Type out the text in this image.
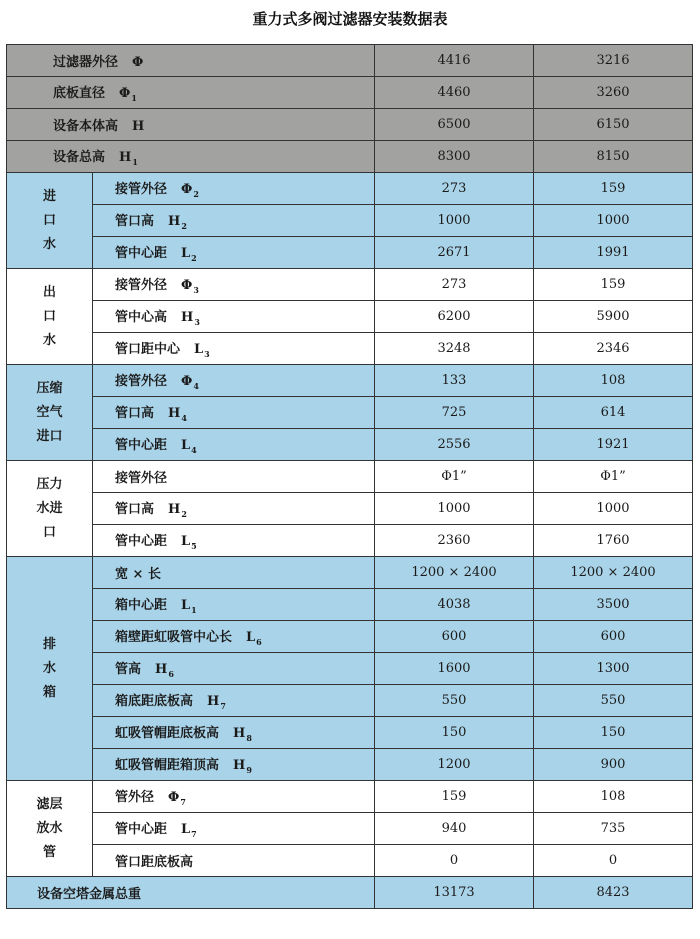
重力式多阀过滤器安装数据表
过滤器外径 Φ		4416	3216
底板直径 $\Phi_1$		4460	3260
设备本体高 H		6500	6150
设备总高 $H_1$		8300	8150

进
口
水	接管外径 $\Phi_2$	273	159
	管口高 $H_2$	1000	1000
	管中心距 $L_2$	2671	1991

出
口
水	接管外径 $\Phi_3$	273	159
	管中心高 $H_3$	6200	5900
	管口距中心 $L_3$	3248	2346

压缩
空气
进口	接管外径 $\Phi_4$	133	108
	管口高 $H_4$	725	614
	管中心距 $L_4$	2556	1921

压力
水进
口	接管外径	Φ1”	Φ1”
	管口高 $H_2$	1000	1000
	管中心距 $L_5$	2360	1760

排
水
箱	宽 × 长	1200 × 2400	1200 × 2400
	箱中心距 $L_1$	4038	3500
	箱壁距虹吸管中心长 $L_6$	600	600
	管高 $H_6$	1600	1300
	箱底距底板高 $H_7$	550	550
	虹吸管帽距底板高 $H_8$	150	150
	虹吸管帽距箱顶高 $H_9$	1200	900

滤层
放水
管	管外径 $\Phi_7$	159	108
	管中心距 $L_7$	940	735
	管口距底板高	0	0
设备空塔金属总重		13173	8423
